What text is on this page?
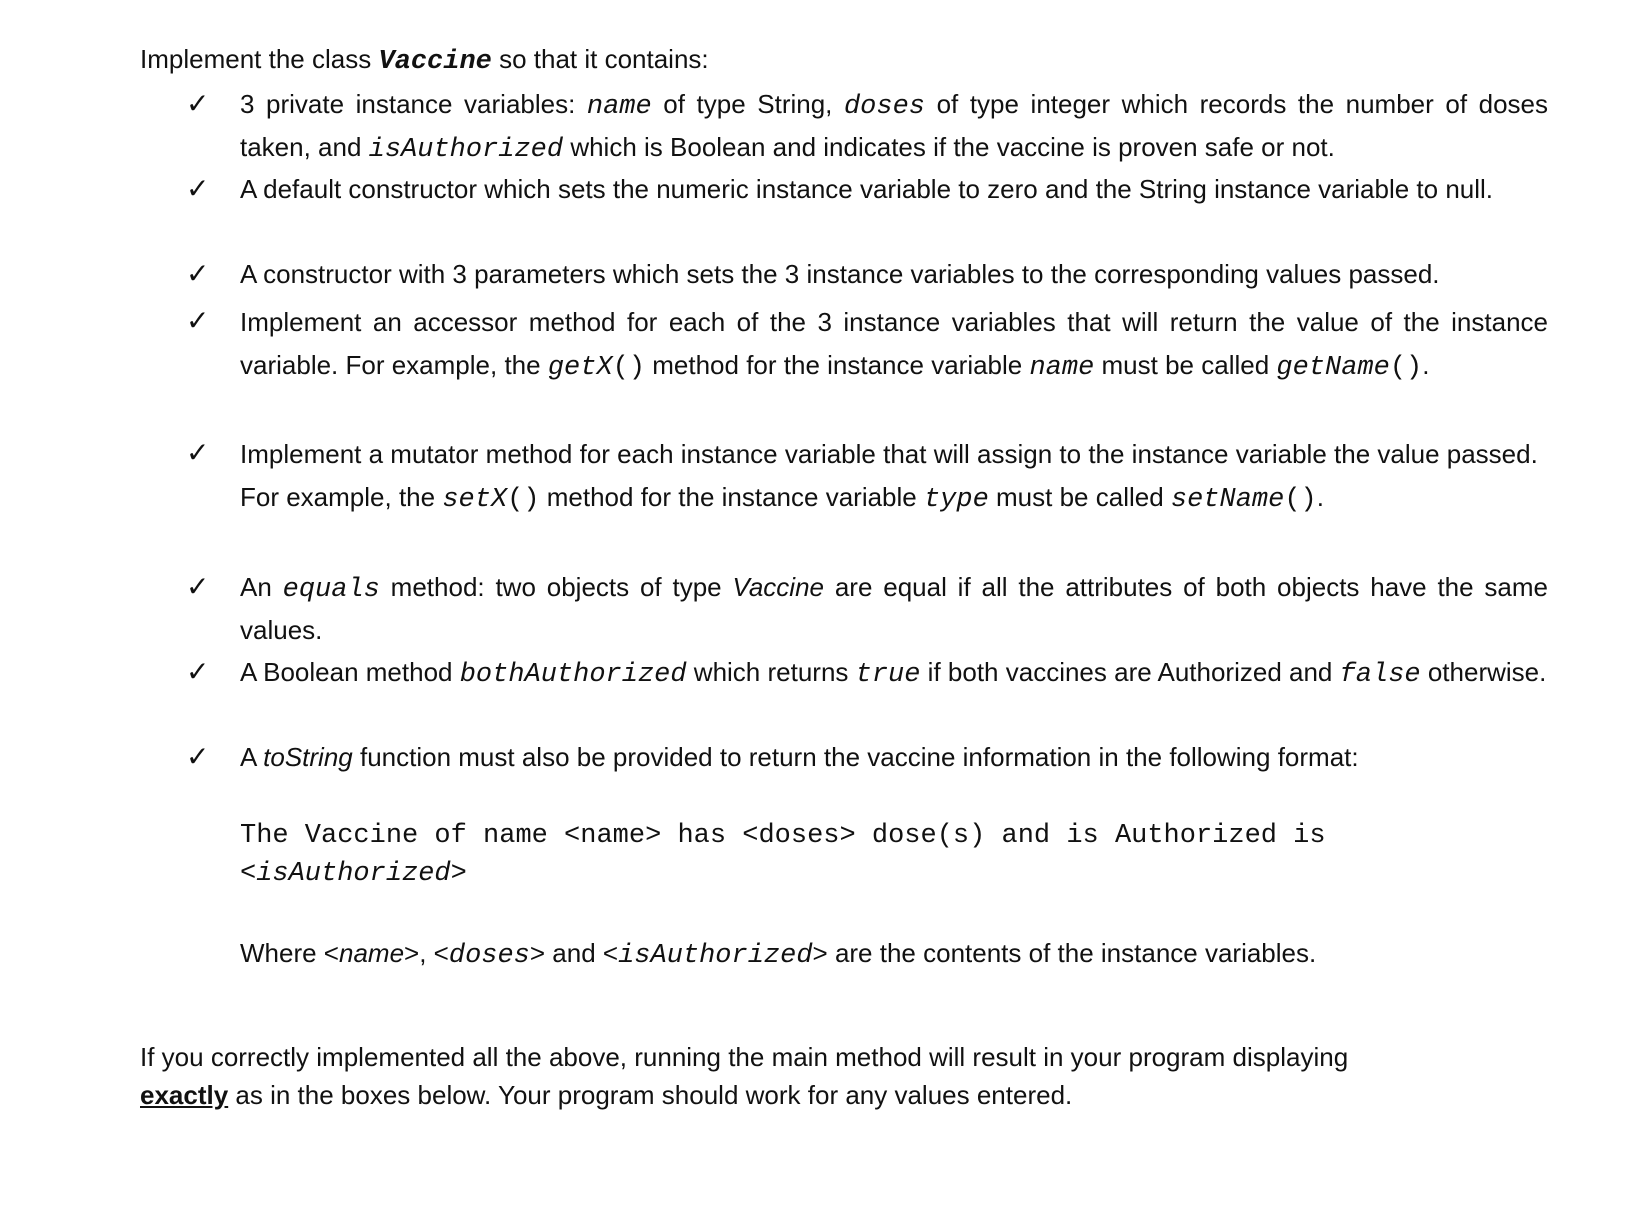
Implement the class Vaccine so that it contains:
✓ 3 private instance variables: name of type String, doses of type integer which records the number of doses taken, and isAuthorized which is Boolean and indicates if the vaccine is proven safe or not.
✓ A default constructor which sets the numeric instance variable to zero and the String instance variable to null.
✓ A constructor with 3 parameters which sets the 3 instance variables to the corresponding values passed.
✓ Implement an accessor method for each of the 3 instance variables that will return the value of the instance variable. For example, the getX() method for the instance variable name must be called getName().
✓ Implement a mutator method for each instance variable that will assign to the instance variable the value passed. For example, the setX() method for the instance variable type must be called setName().
✓ An equals method: two objects of type Vaccine are equal if all the attributes of both objects have the same values.
✓ A Boolean method bothAuthorized which returns true if both vaccines are Authorized and false otherwise.
✓ A toString function must also be provided to return the vaccine information in the following format:
The Vaccine of name <name> has <doses> dose(s) and is Authorized is
<isAuthorized>
Where <name>, <doses> and <isAuthorized> are the contents of the instance variables.
If you correctly implemented all the above, running the main method will result in your program displaying
exactly as in the boxes below. Your program should work for any values entered.
